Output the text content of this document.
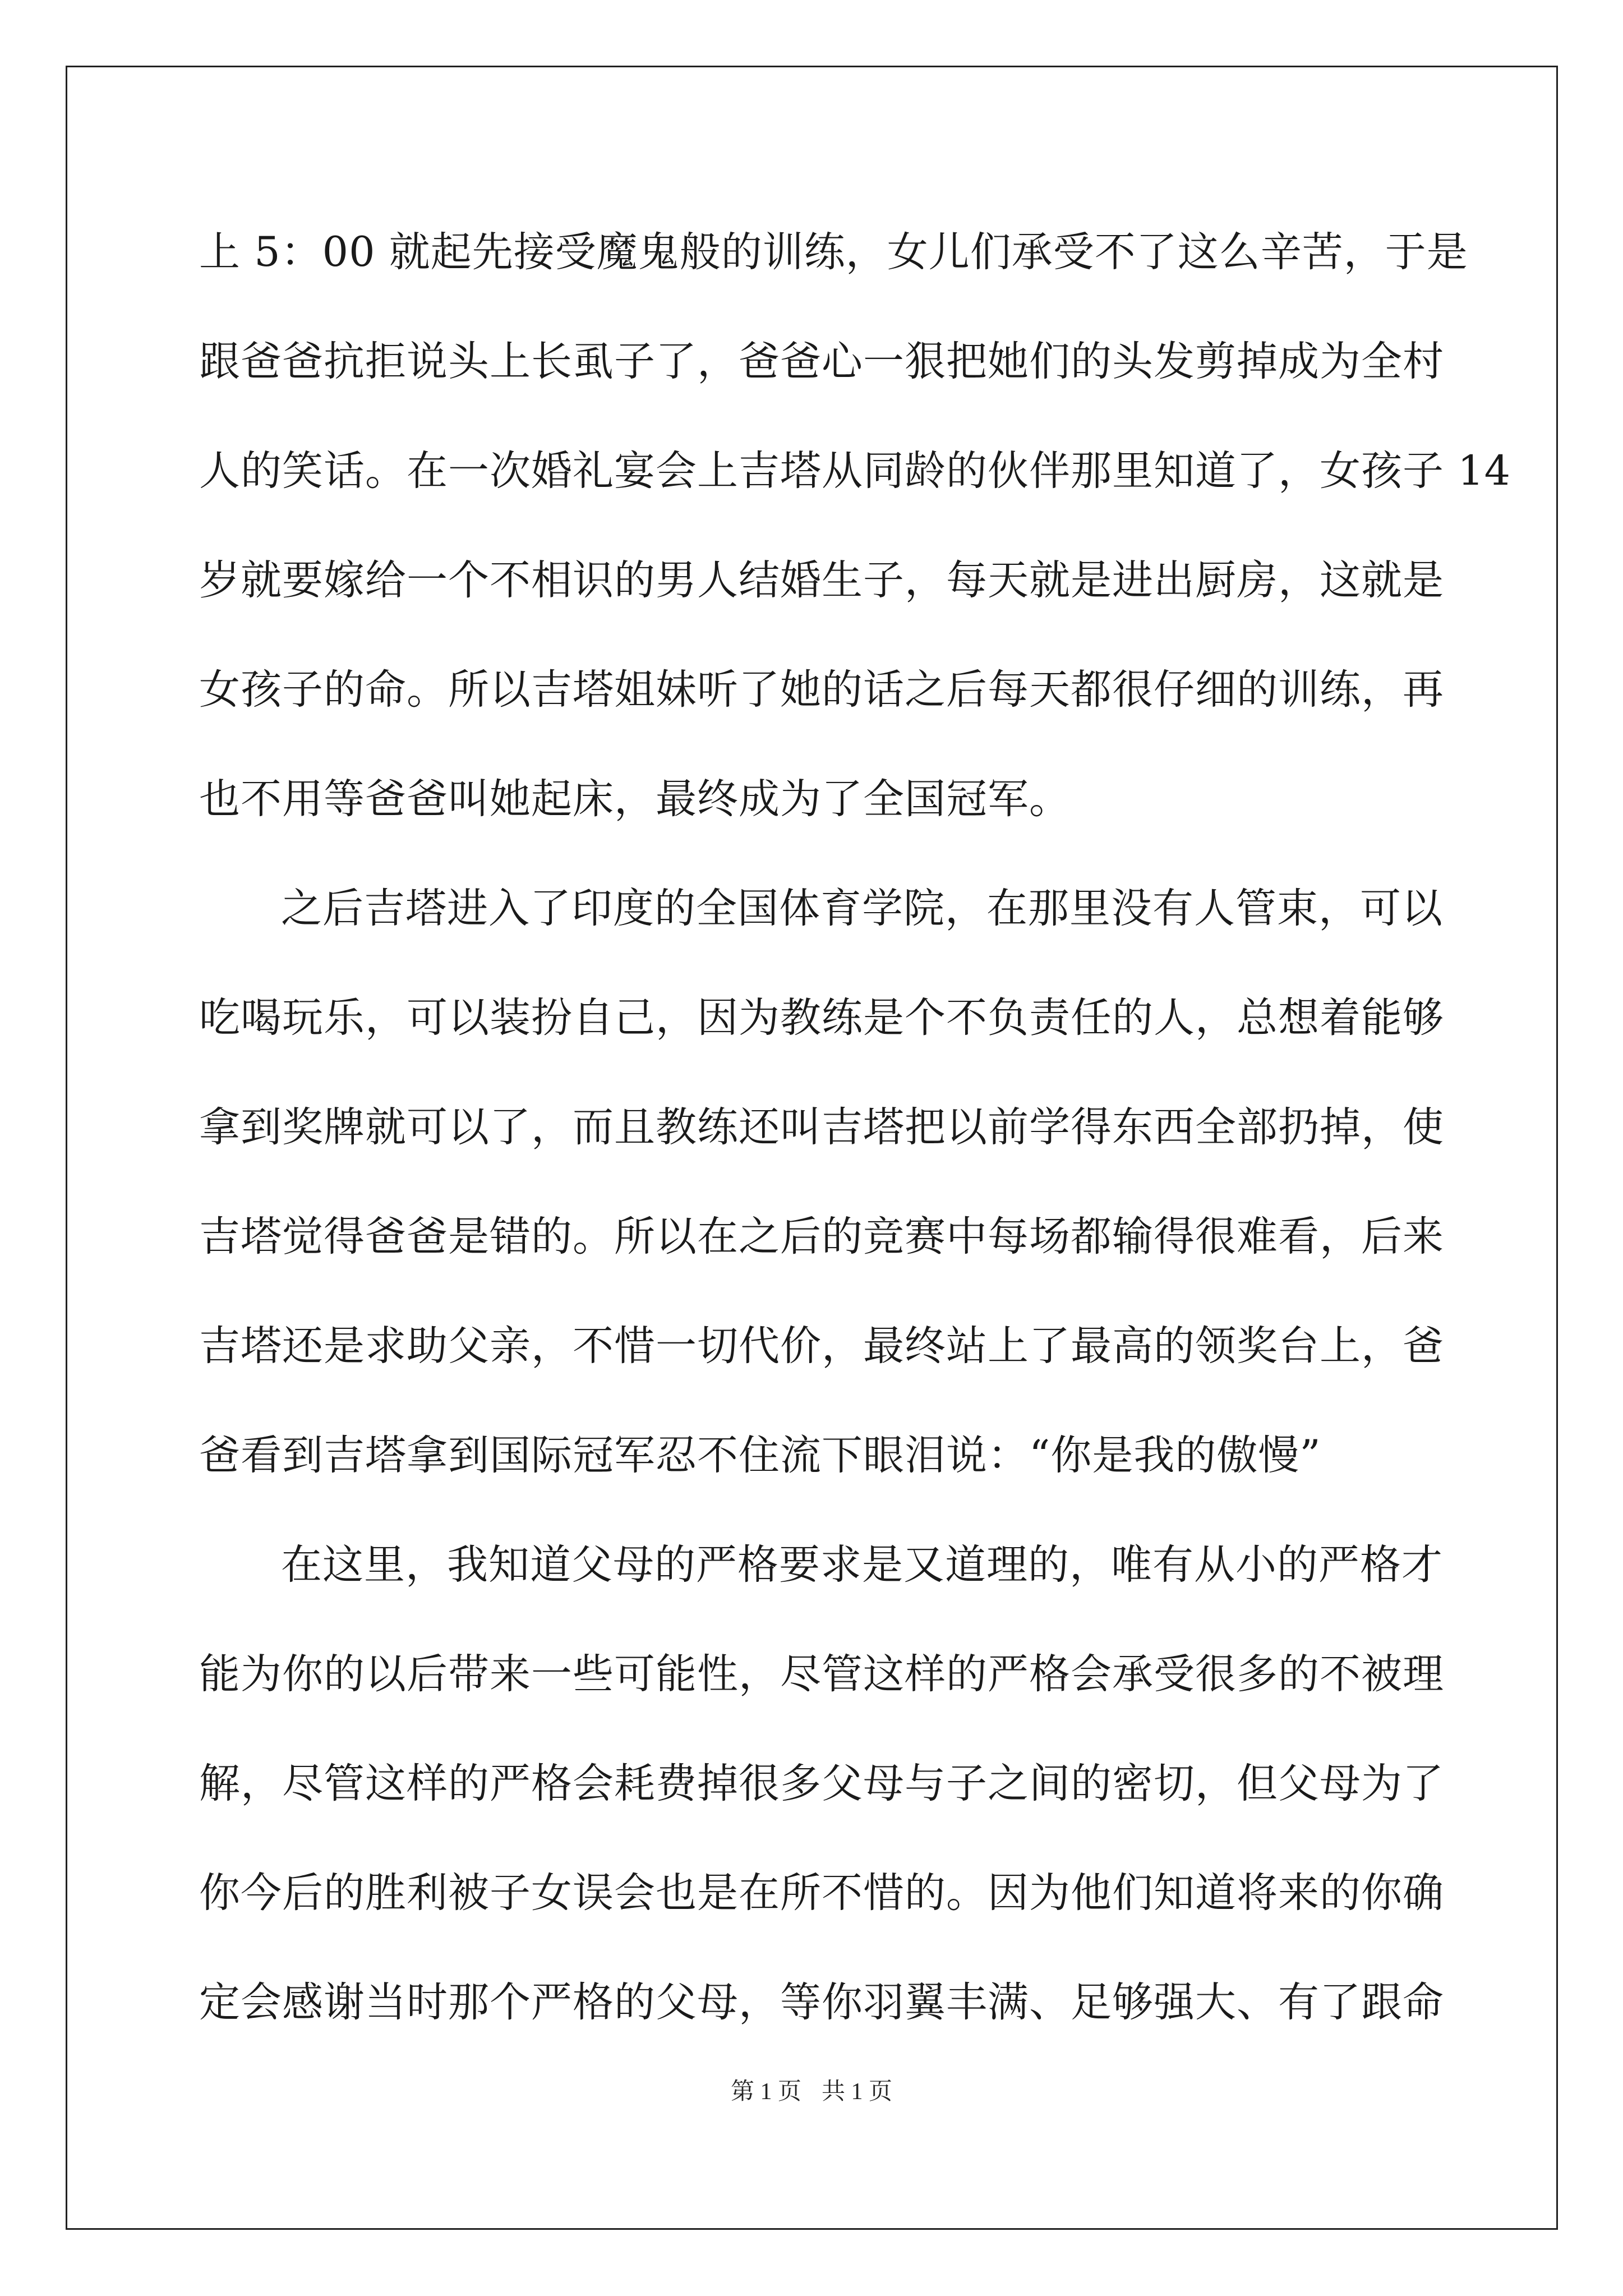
上 5：00 就起先接受魔鬼般的训练，女儿们承受不了这么辛苦，于是
跟爸爸抗拒说头上长虱子了，爸爸心一狠把她们的头发剪掉成为全村
人的笑话。在一次婚礼宴会上吉塔从同龄的伙伴那里知道了，女孩子 14
岁就要嫁给一个不相识的男人结婚生子，每天就是进出厨房，这就是
女孩子的命。所以吉塔姐妹听了她的话之后每天都很仔细的训练，再
也不用等爸爸叫她起床，最终成为了全国冠军。
之后吉塔进入了印度的全国体育学院，在那里没有人管束，可以
吃喝玩乐，可以装扮自己，因为教练是个不负责任的人，总想着能够
拿到奖牌就可以了，而且教练还叫吉塔把以前学得东西全部扔掉，使
吉塔觉得爸爸是错的。所以在之后的竞赛中每场都输得很难看，后来
吉塔还是求助父亲，不惜一切代价，最终站上了最高的领奖台上，爸
爸看到吉塔拿到国际冠军忍不住流下眼泪说：“你是我的傲慢”
在这里，我知道父母的严格要求是又道理的，唯有从小的严格才
能为你的以后带来一些可能性，尽管这样的严格会承受很多的不被理
解，尽管这样的严格会耗费掉很多父母与子之间的密切，但父母为了
你今后的胜利被子女误会也是在所不惜的。因为他们知道将来的你确
定会感谢当时那个严格的父母，等你羽翼丰满、足够强大、有了跟命
第 1 页 共 1 页
